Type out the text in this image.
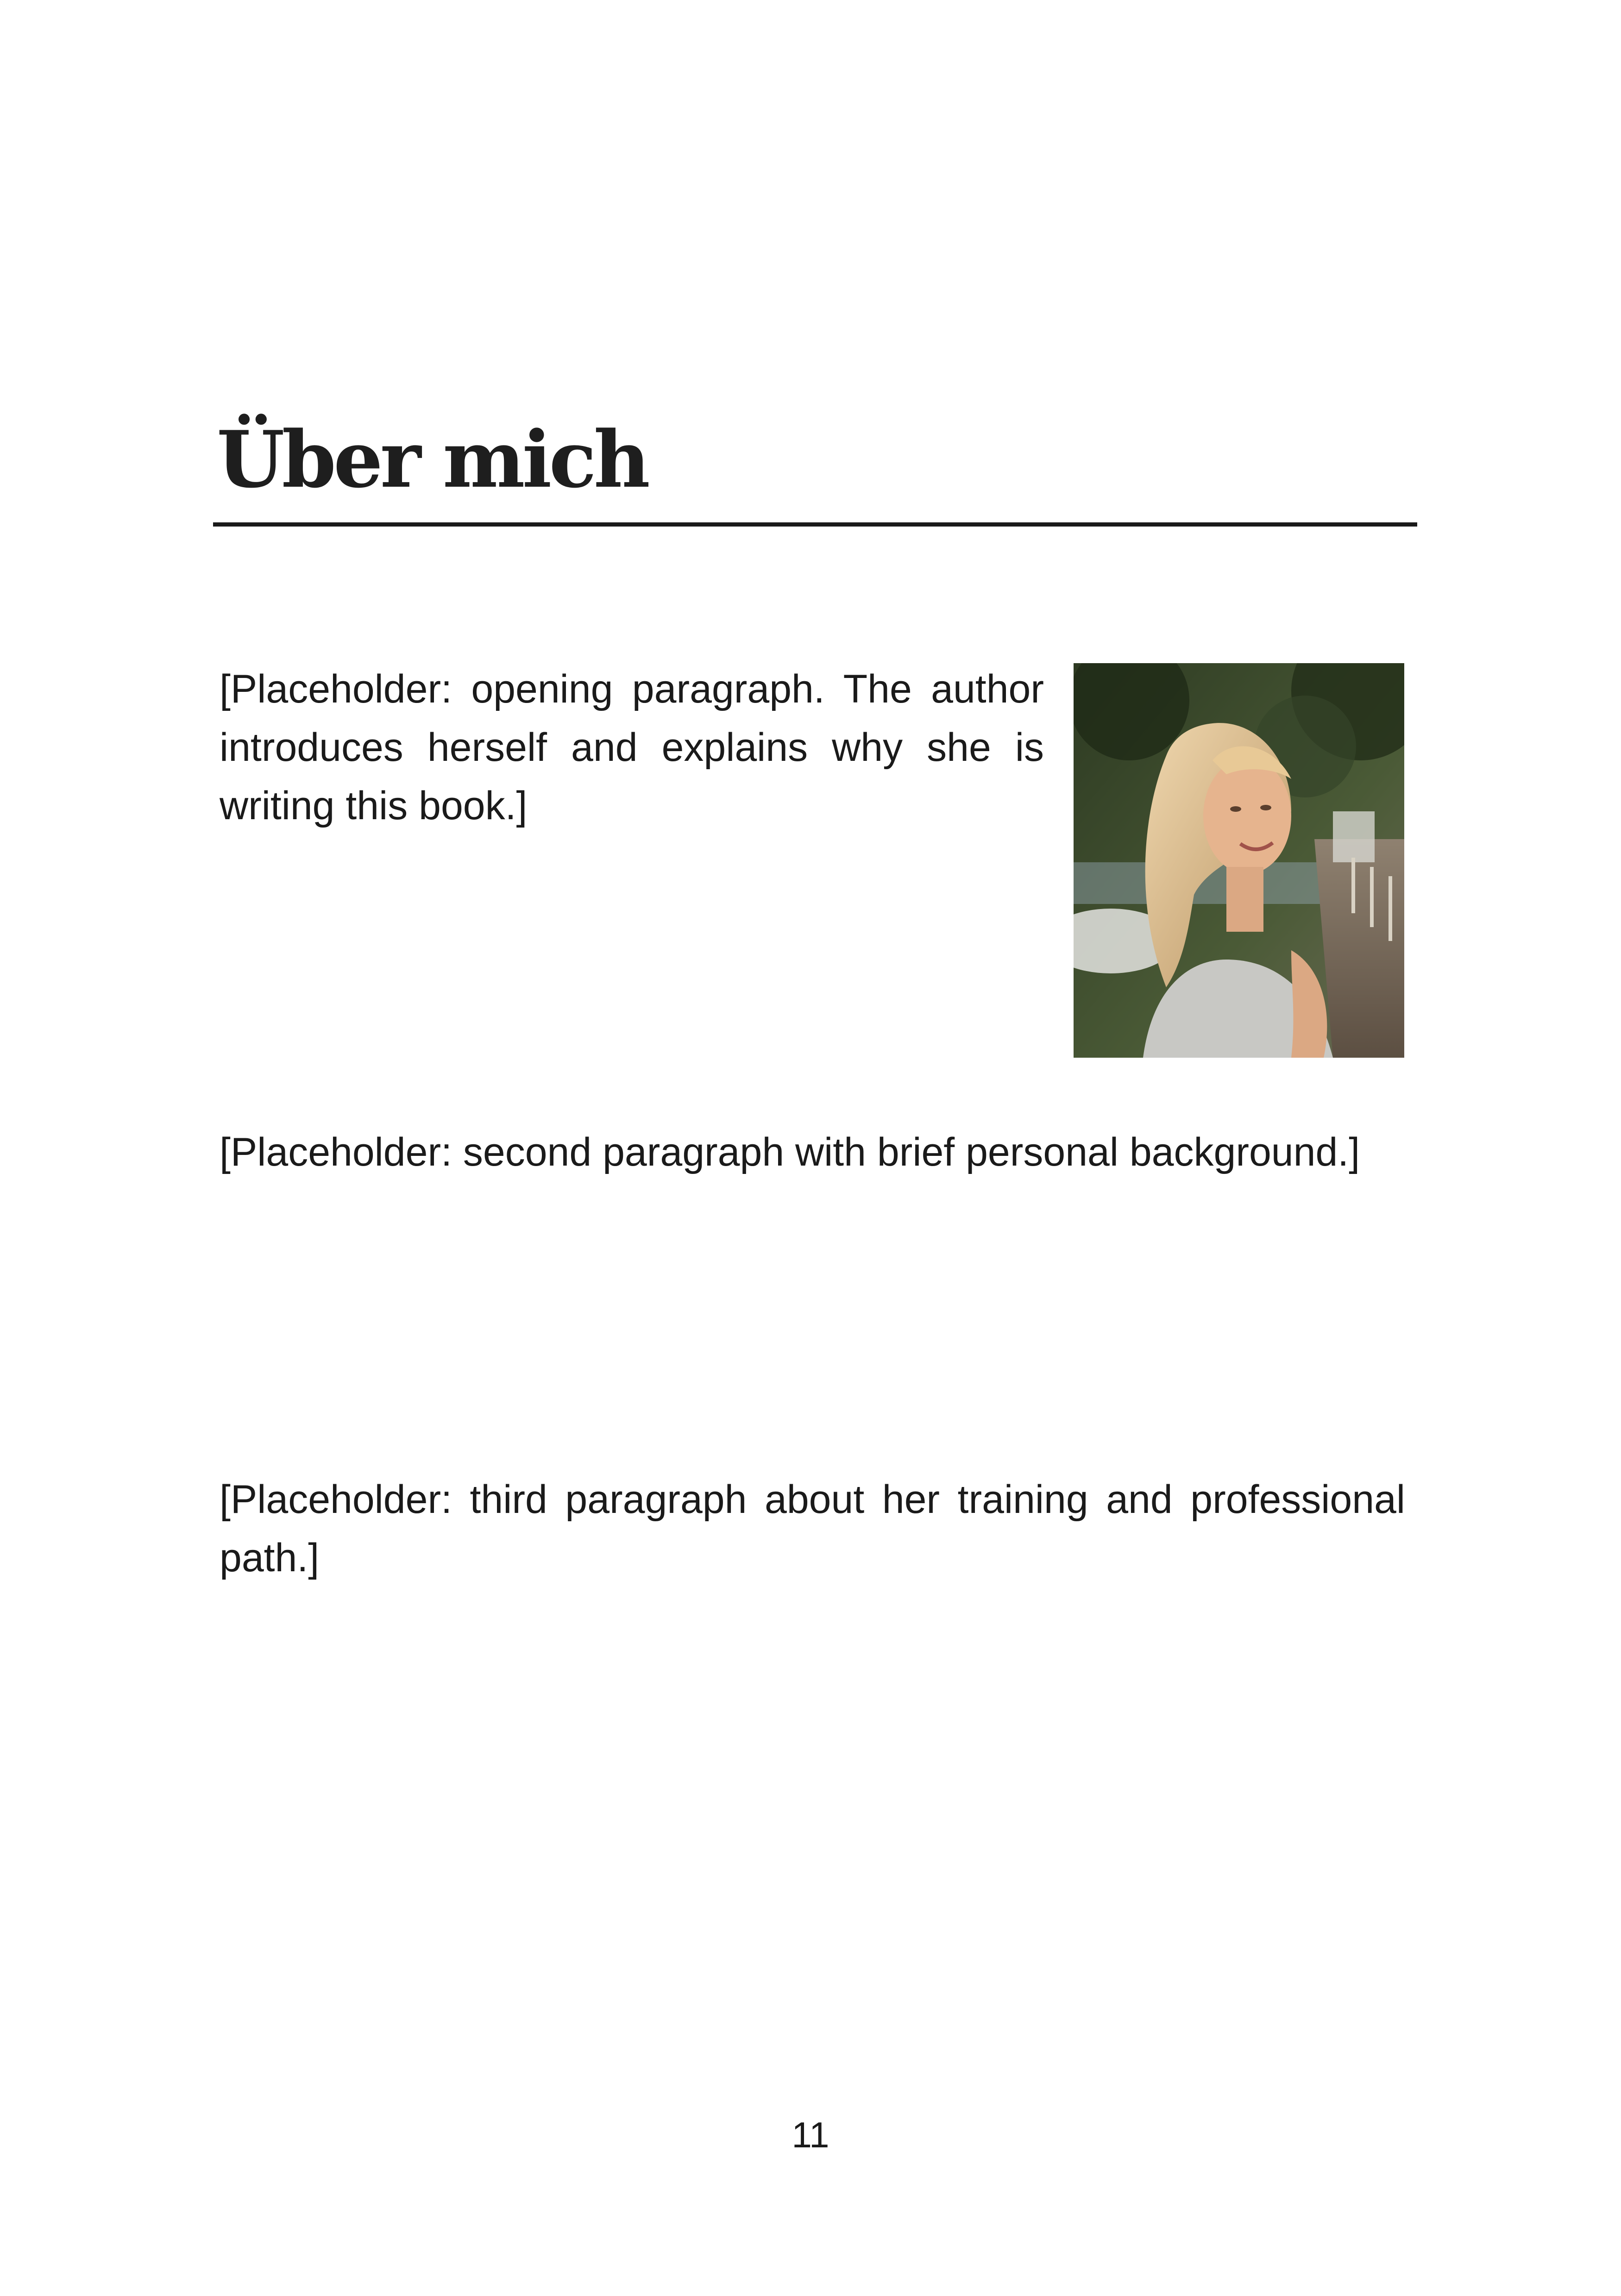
Über mich

[Placeholder: opening paragraph. The author introduces herself and explains why she is writing this book.]

[Placeholder: second paragraph with brief personal background.]

[Placeholder: third paragraph about her training and professional path.]

11
